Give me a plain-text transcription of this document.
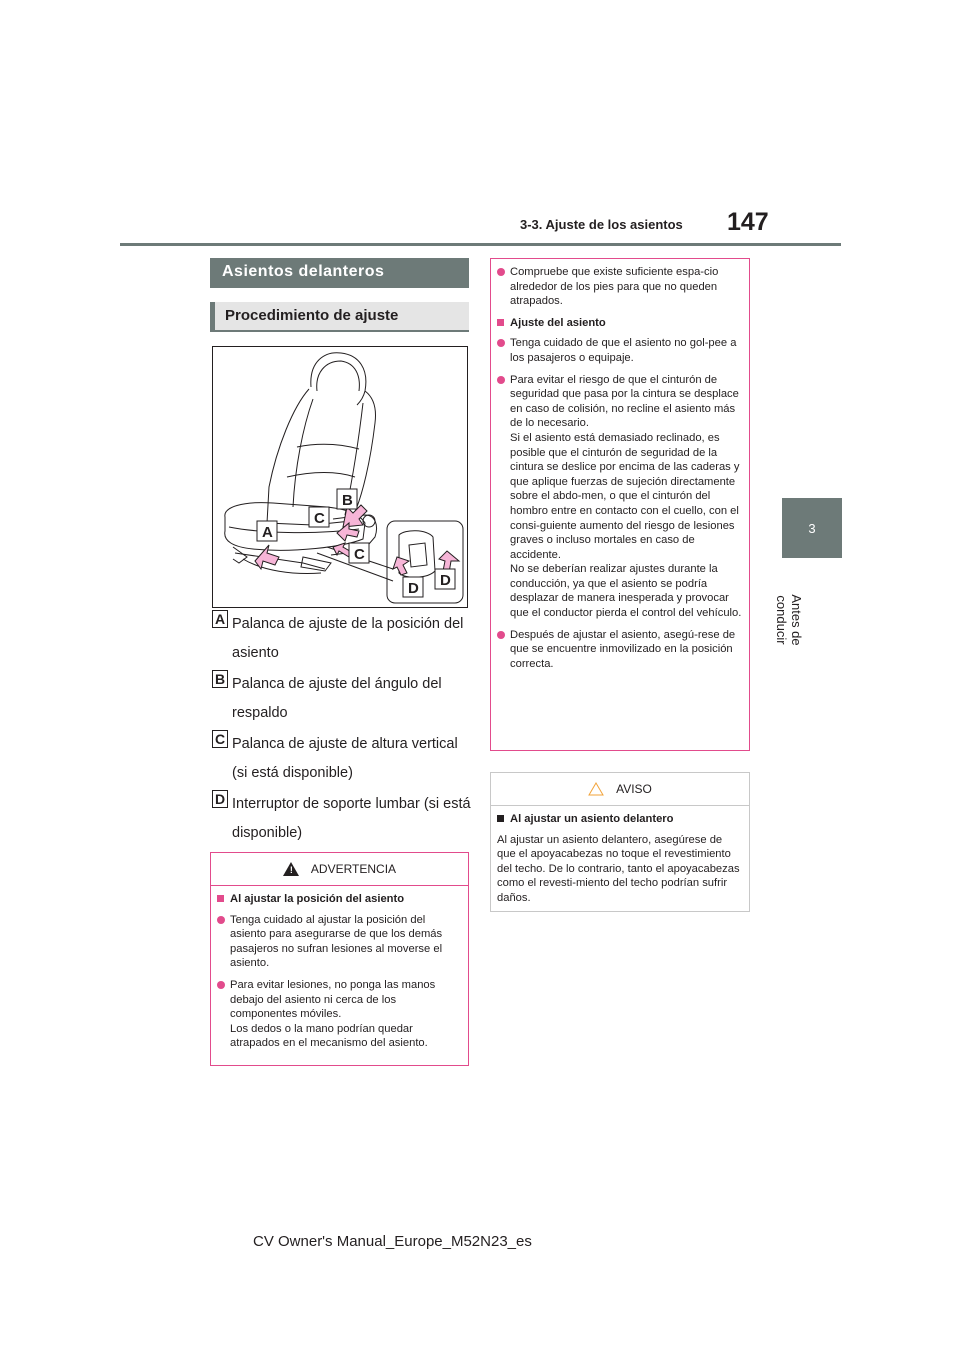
3-3. Ajuste de los asientos 147
3
Antes de conducir
Asientos delanteros
Procedimiento de ajuste
A
B
C
C
D D
A Palanca de ajuste de la posición del asiento
B Palanca de ajuste del ángulo del respaldo
C Palanca de ajuste de altura vertical (si está disponible)
D Interruptor de soporte lumbar (si está disponible)
! ADVERTENCIA
Al ajustar la posición del asiento
Tenga cuidado al ajustar la posición del asiento para asegurarse de que los demás pasajeros no sufran lesiones al moverse el asiento.
Para evitar lesiones, no ponga las manos debajo del asiento ni cerca de los componentes móviles.
Los dedos o la mano podrían quedar atrapados en el mecanismo del asiento.
Compruebe que existe suficiente espa-cio alrededor de los pies para que no queden atrapados.
Ajuste del asiento
Tenga cuidado de que el asiento no gol-pee a los pasajeros o equipaje.
Para evitar el riesgo de que el cinturón de seguridad que pasa por la cintura se desplace en caso de colisión, no recline el asiento más de lo necesario.
Si el asiento está demasiado reclinado, es posible que el cinturón de seguridad de la cintura se deslice por encima de las caderas y que aplique fuerzas de sujeción directamente sobre el abdo-men, o que el cinturón del hombro entre en contacto con el cuello, con el consi-guiente aumento del riesgo de lesiones graves o incluso mortales en caso de accidente.
No se deberían realizar ajustes durante la conducción, ya que el asiento se podría desplazar de manera inesperada y provocar que el conductor pierda el control del vehículo.
Después de ajustar el asiento, asegú-rese de que se encuentre inmovilizado en la posición correcta.
AVISO
Al ajustar un asiento delantero
Al ajustar un asiento delantero, asegúrese de que el apoyacabezas no toque el revestimiento del techo. De lo contrario, tanto el apoyacabezas como el revesti-miento del techo podrían sufrir daños.
CV Owner's Manual_Europe_M52N23_es
